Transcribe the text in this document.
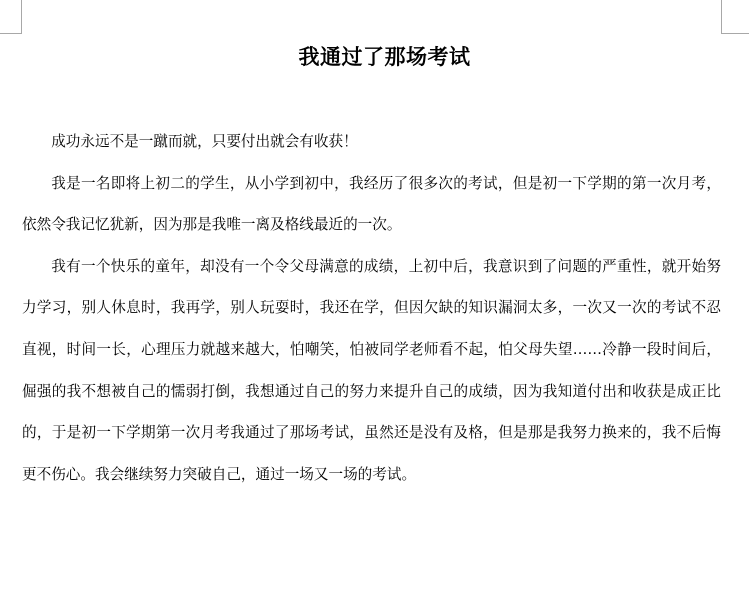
我通过了那场考试

成功永远不是一蹴而就，只要付出就会有收获！

我是一名即将上初二的学生，从小学到初中，我经历了很多次的考试，但是初一下学期的第一次月考，依然令我记忆犹新，因为那是我唯一离及格线最近的一次。

我有一个快乐的童年，却没有一个令父母满意的成绩，上初中后，我意识到了问题的严重性，就开始努力学习，别人休息时，我再学，别人玩耍时，我还在学，但因欠缺的知识漏洞太多，一次又一次的考试不忍直视，时间一长，心理压力就越来越大，怕嘲笑，怕被同学老师看不起，怕父母失望……冷静一段时间后，倔强的我不想被自己的懦弱打倒，我想通过自己的努力来提升自己的成绩，因为我知道付出和收获是成正比的，于是初一下学期第一次月考我通过了那场考试，虽然还是没有及格，但是那是我努力换来的，我不后悔更不伤心。我会继续努力突破自己，通过一场又一场的考试。
